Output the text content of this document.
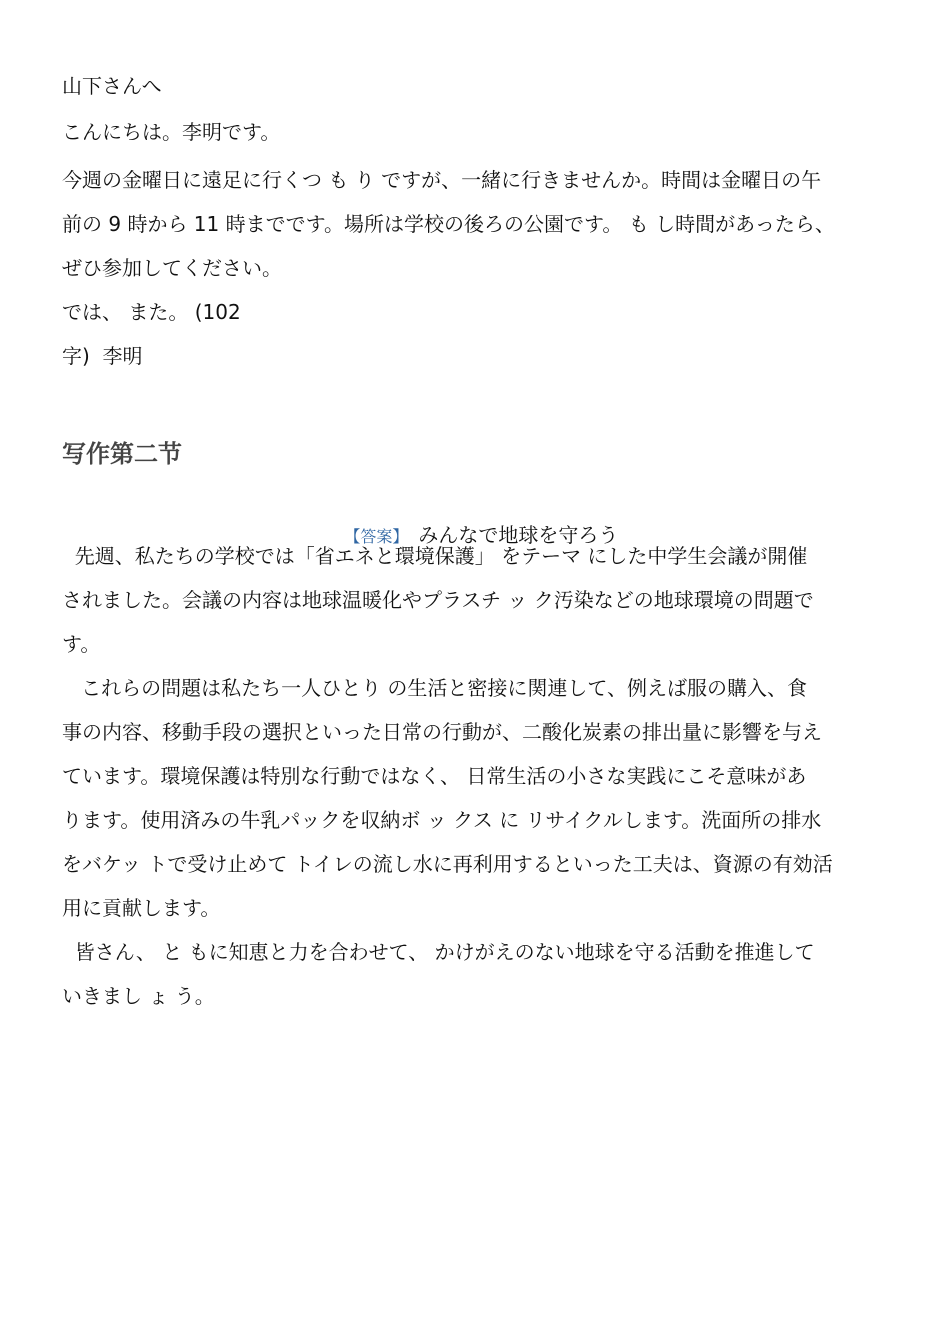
山下さんへ

こんにちは。李明です。

今週の金曜日に遠足に行くつ も り ですが、一緒に行きませんか。時間は金曜日の午

前の 9 時から 11 時までです。場所は学校の後ろの公園です。 も し時間があったら、

ぜひ参加してください。

では、 また。 (102

字)  李明

写作第二节

【答案】 みんなで地球を守ろう

先週、私たちの学校では「省エネと環境保護」 をテーマ にした中学生会議が開催

されました。会議の内容は地球温暖化やプラスチ ッ ク汚染などの地球環境の問題で

す。

これらの問題は私たち一人ひとり の生活と密接に関連して、例えば服の購入、食

事の内容、移動手段の選択といった日常の行動が、二酸化炭素の排出量に影響を与え

ています。環境保護は特別な行動ではなく、 日常生活の小さな実践にこそ意味があ

ります。使用済みの牛乳パックを収納ボ ッ クス に リサイクルします。洗面所の排水

をバケッ トで受け止めて トイレの流し水に再利用するといった工夫は、資源の有効活

用に貢献します。

皆さん、 と もに知恵と力を合わせて、 かけがえのない地球を守る活動を推進して

いきまし ょ う。
